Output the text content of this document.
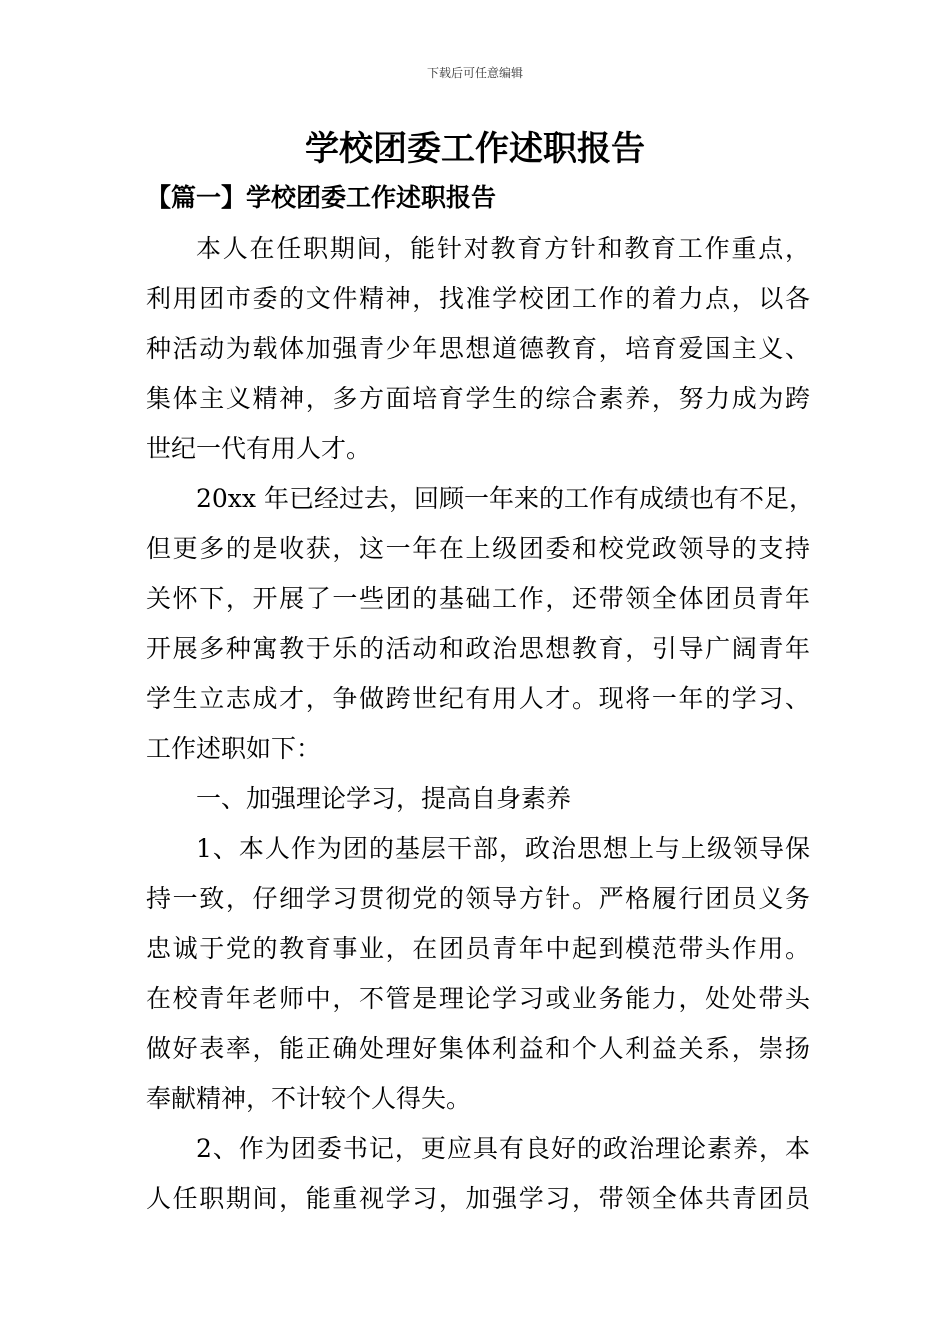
下载后可任意编辑
学校团委工作述职报告
【篇一】学校团委工作述职报告

本人在任职期间，能针对教育方针和教育工作重点，
利用团市委的文件精神，找准学校团工作的着力点，以各
种活动为载体加强青少年思想道德教育，培育爱国主义、
集体主义精神，多方面培育学生的综合素养，努力成为跨
世纪一代有用人才。

20xx 年已经过去，回顾一年来的工作有成绩也有不足，
但更多的是收获，这一年在上级团委和校党政领导的支持
关怀下，开展了一些团的基础工作，还带领全体团员青年
开展多种寓教于乐的活动和政治思想教育，引导广阔青年
学生立志成才，争做跨世纪有用人才。现将一年的学习、
工作述职如下：

一、加强理论学习，提高自身素养

1、本人作为团的基层干部，政治思想上与上级领导保
持一致，仔细学习贯彻党的领导方针。严格履行团员义务
忠诚于党的教育事业，在团员青年中起到模范带头作用。
在校青年老师中，不管是理论学习或业务能力，处处带头
做好表率，能正确处理好集体利益和个人利益关系，崇扬
奉献精神，不计较个人得失。

2、作为团委书记，更应具有良好的政治理论素养，本
人任职期间，能重视学习，加强学习，带领全体共青团员
